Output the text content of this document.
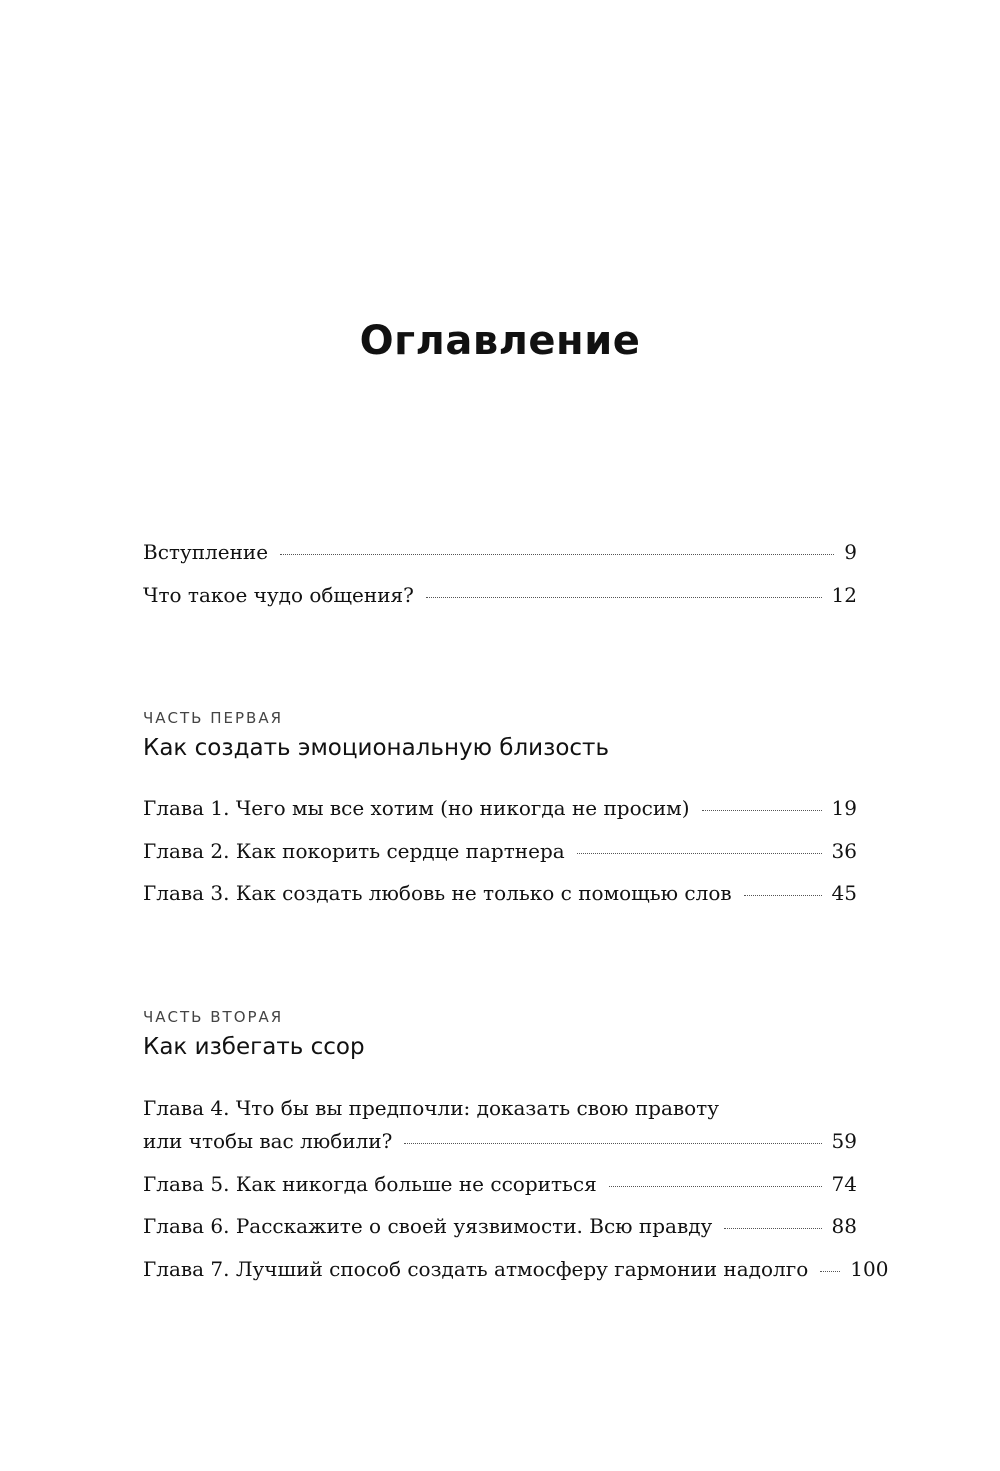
Оглавление
Вступление	9
Что такое чудо общения?	12
ЧАСТЬ ПЕРВАЯ
Как создать эмоциональную близость
Глава 1. Чего мы все хотим (но никогда не просим)	19
Глава 2. Как покорить сердце партнера	36
Глава 3. Как создать любовь не только с помощью слов	45
ЧАСТЬ ВТОРАЯ
Как избегать ссор
Глава 4. Что бы вы предпочли: доказать свою правоту
или чтобы вас любили?	59
Глава 5. Как никогда больше не ссориться	74
Глава 6. Расскажите о своей уязвимости. Всю правду	88
Глава 7. Лучший способ создать атмосферу гармонии надолго 100
